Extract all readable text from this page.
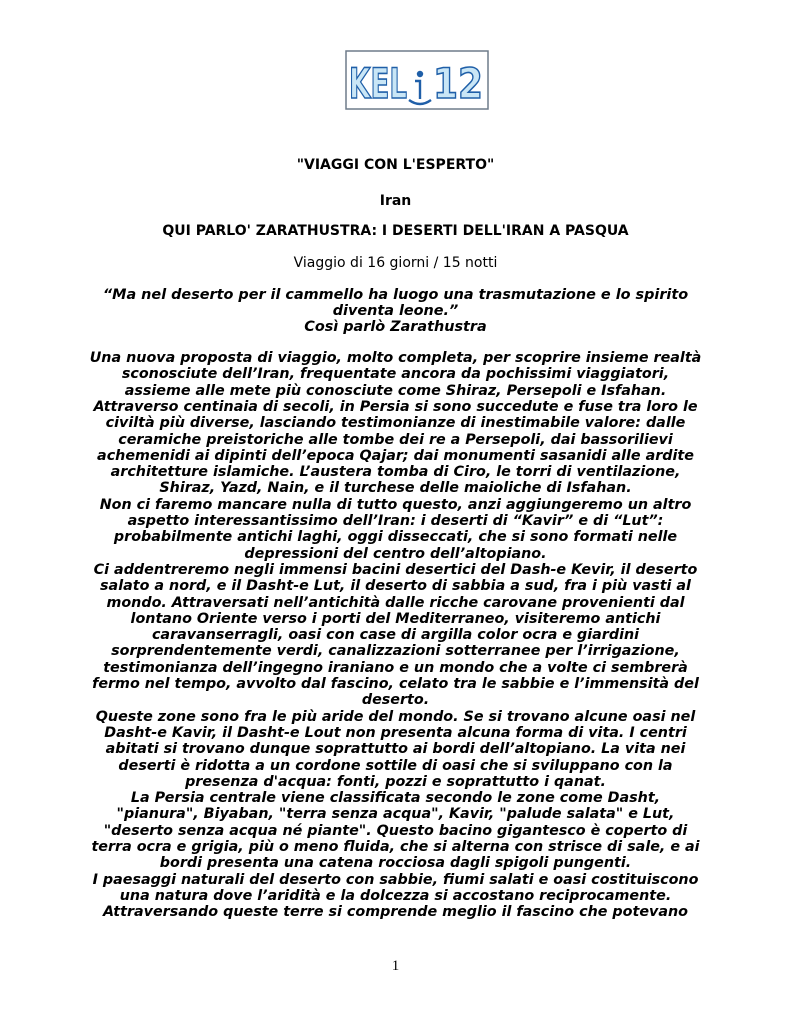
KEL 12
"VIAGGI CON L'ESPERTO"
Iran
QUI PARLO' ZARATHUSTRA: I DESERTI DELL'IRAN A PASQUA
Viaggio di 16 giorni / 15 notti
“Ma nel deserto per il cammello ha luogo una trasmutazione e lo spirito
diventa leone.”
Così parlò Zarathustra
Una nuova proposta di viaggio, molto completa, per scoprire insieme realtà
sconosciute dell’Iran, frequentate ancora da pochissimi viaggiatori,
assieme alle mete più conosciute come Shiraz, Persepoli e Isfahan.
Attraverso centinaia di secoli, in Persia si sono succedute e fuse tra loro le
civiltà più diverse, lasciando testimonianze di inestimabile valore: dalle
ceramiche preistoriche alle tombe dei re a Persepoli, dai bassorilievi
achemenidi ai dipinti dell’epoca Qajar; dai monumenti sasanidi alle ardite
architetture islamiche. L’austera tomba di Ciro, le torri di ventilazione,
Shiraz, Yazd, Nain, e il turchese delle maioliche di Isfahan.
Non ci faremo mancare nulla di tutto questo, anzi aggiungeremo un altro
aspetto interessantissimo dell’Iran: i deserti di “Kavir” e di “Lut”:
probabilmente antichi laghi, oggi disseccati, che si sono formati nelle
depressioni del centro dell’altopiano.
Ci addentreremo negli immensi bacini desertici del Dash-e Kevir, il deserto
salato a nord, e il Dasht-e Lut, il deserto di sabbia a sud, fra i più vasti al
mondo. Attraversati nell’antichità dalle ricche carovane provenienti dal
lontano Oriente verso i porti del Mediterraneo, visiteremo antichi
caravanserragli, oasi con case di argilla color ocra e giardini
sorprendentemente verdi, canalizzazioni sotterranee per l’irrigazione,
testimonianza dell’ingegno iraniano e un mondo che a volte ci sembrerà
fermo nel tempo, avvolto dal fascino, celato tra le sabbie e l’immensità del
deserto.
Queste zone sono fra le più aride del mondo. Se si trovano alcune oasi nel
Dasht-e Kavir, il Dasht-e Lout non presenta alcuna forma di vita. I centri
abitati si trovano dunque soprattutto ai bordi dell’altopiano. La vita nei
deserti è ridotta a un cordone sottile di oasi che si sviluppano con la
presenza d'acqua: fonti, pozzi e soprattutto i qanat.
La Persia centrale viene classificata secondo le zone come Dasht,
"pianura", Biyaban, "terra senza acqua", Kavir, "palude salata" e Lut,
"deserto senza acqua né piante". Questo bacino gigantesco è coperto di
terra ocra e grigia, più o meno fluida, che si alterna con strisce di sale, e ai
bordi presenta una catena rocciosa dagli spigoli pungenti.
I paesaggi naturali del deserto con sabbie, fiumi salati e oasi costituiscono
una natura dove l’aridità e la dolcezza si accostano reciprocamente.
Attraversando queste terre si comprende meglio il fascino che potevano
1
